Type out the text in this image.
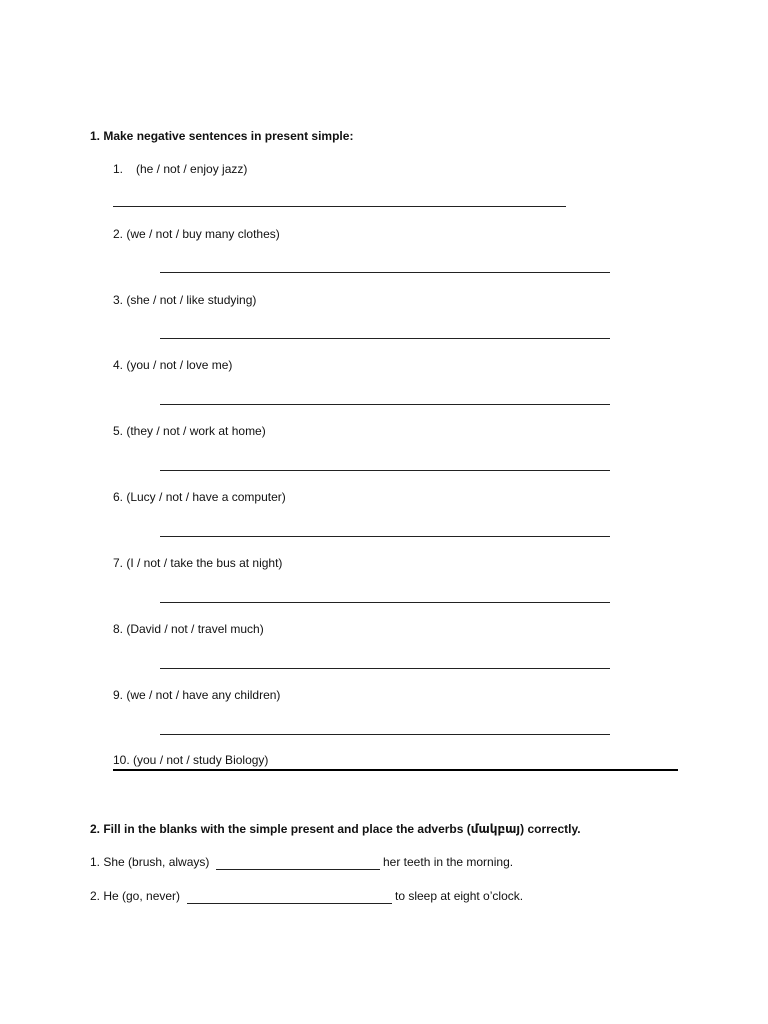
1. Make negative sentences in present simple:
1. (he / not / enjoy jazz)
2. (we / not / buy many clothes)
3. (she / not / like studying)
4. (you / not / love me)
5. (they / not / work at home)
6. (Lucy / not / have a computer)
7. (I / not / take the bus at night)
8. (David / not / travel much)
9. (we / not / have any children)
10. (you / not / study Biology)
2. Fill in the blanks with the simple present and place the adverbs (մակբայ) correctly.
1. She (brush, always)	her teeth in the morning.
2. He (go, never)	to sleep at eight o’clock.
